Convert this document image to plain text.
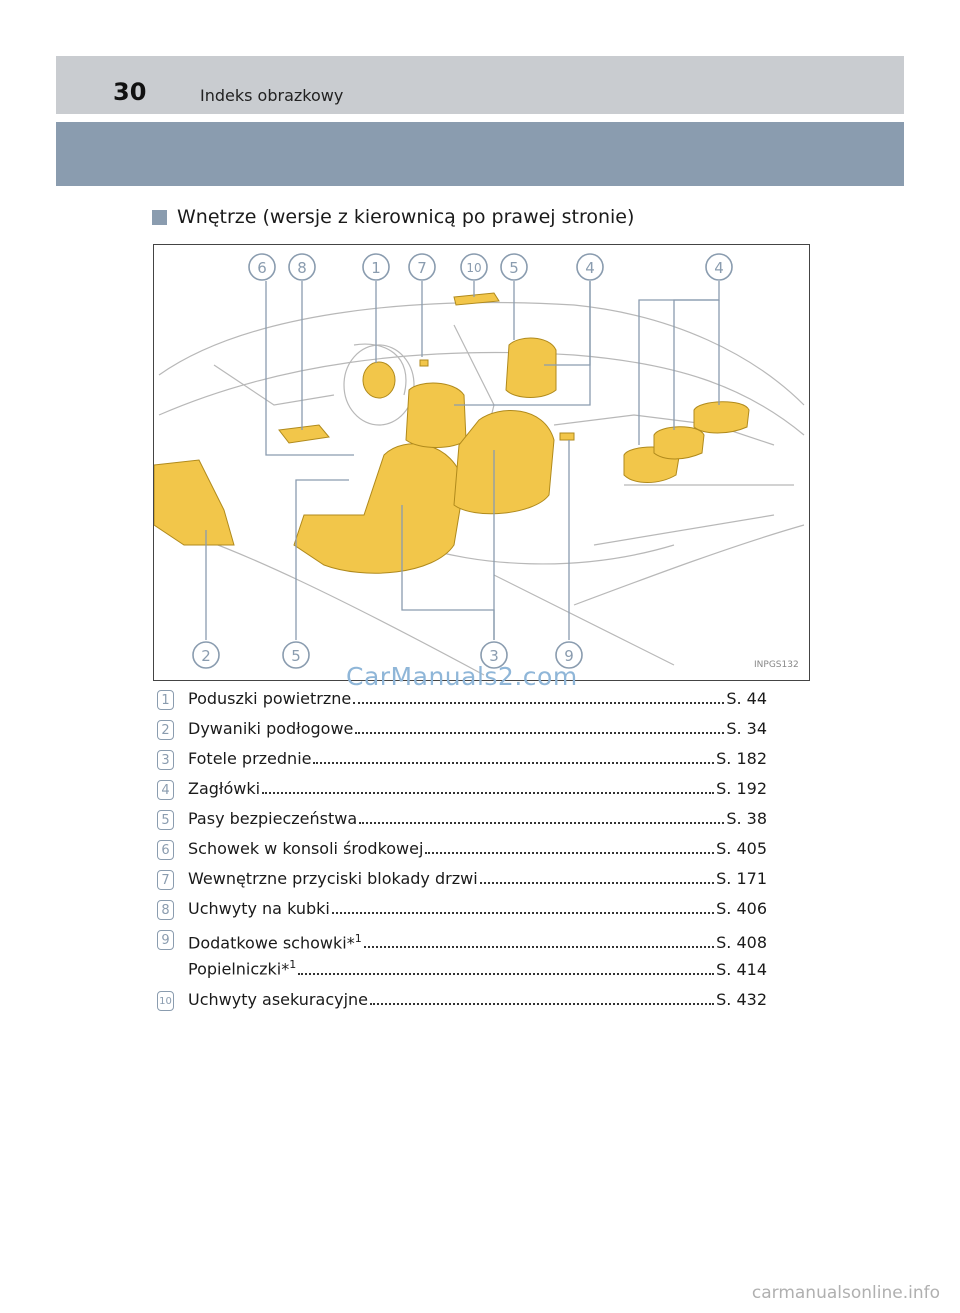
30	Indeks obrazkowy
Wnętrze (wersje z kierownicą po prawej stronie)
6 8	1 7	10 5	4	4
2	5	3	9	INPGS132
CarManuals2.com
1 Poduszki powietrzne	S. 44
2 Dywaniki podłogowe	S. 34
3 Fotele przednie	S. 182
4 Zagłówki	S. 192
5 Pasy bezpieczeństwa	S. 38
6 Schowek w konsoli środkowej	S. 405
7 Wewnętrzne przyciski blokady drzwi	S. 171
8 Uchwyty na kubki	S. 406
9 Dodatkowe schowki*$^1$	S. 408
Popielniczki*$^1$	S. 414
10 Uchwyty asekuracyjne	S. 432
carmanualsonline.info
